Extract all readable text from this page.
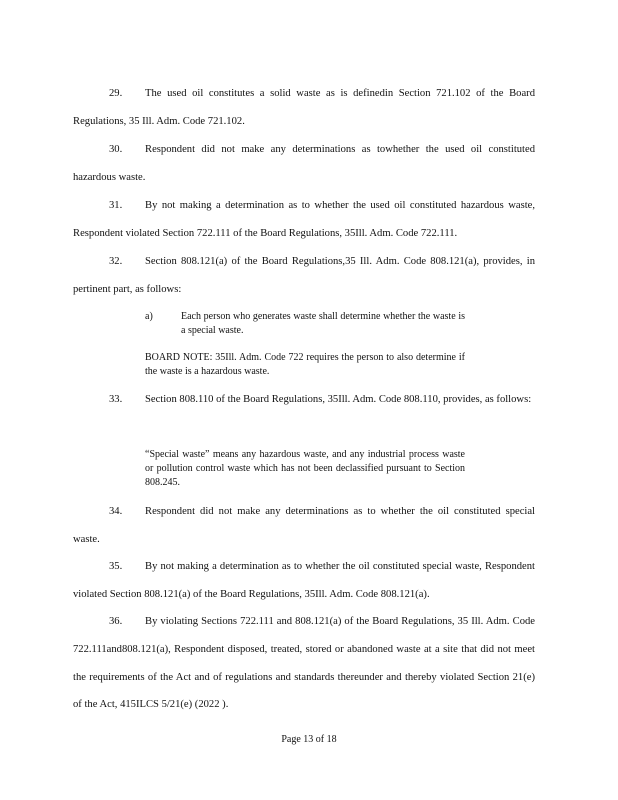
29. The used oil constitutes a solid waste as is definedin Section 721.102 of the Board Regulations, 35 Ill. Adm. Code 721.102.

30. Respondent did not make any determinations as towhether the used oil constituted hazardous waste.

31. By not making a determination as to whether the used oil constituted hazardous waste, Respondent violated Section 722.111 of the Board Regulations, 35Ill. Adm. Code 722.111.

32. Section 808.121(a) of the Board Regulations,35 Ill. Adm. Code 808.121(a), provides, in pertinent part, as follows:

a)	Each person who generates waste shall determine whether the waste is a special waste.

BOARD NOTE: 35Ill. Adm. Code 722 requires the person to also determine if the waste is a hazardous waste.

33. Section 808.110 of the Board Regulations, 35Ill. Adm. Code 808.110, provides, as follows:

“Special waste” means any hazardous waste, and any industrial process waste or pollution control waste which has not been declassified pursuant to Section 808.245.

34. Respondent did not make any determinations as to whether the oil constituted special waste.

35. By not making a determination as to whether the oil constituted special waste, Respondent violated Section 808.121(a) of the Board Regulations, 35Ill. Adm. Code 808.121(a).

36. By violating Sections 722.111 and 808.121(a) of the Board Regulations, 35 Ill. Adm. Code 722.111and808.121(a), Respondent disposed, treated, stored or abandoned waste at a site that did not meet the requirements of the Act and of regulations and standards thereunder and thereby violated Section 21(e) of the Act, 415ILCS 5/21(e) (2022 ).

Page 13 of 18
